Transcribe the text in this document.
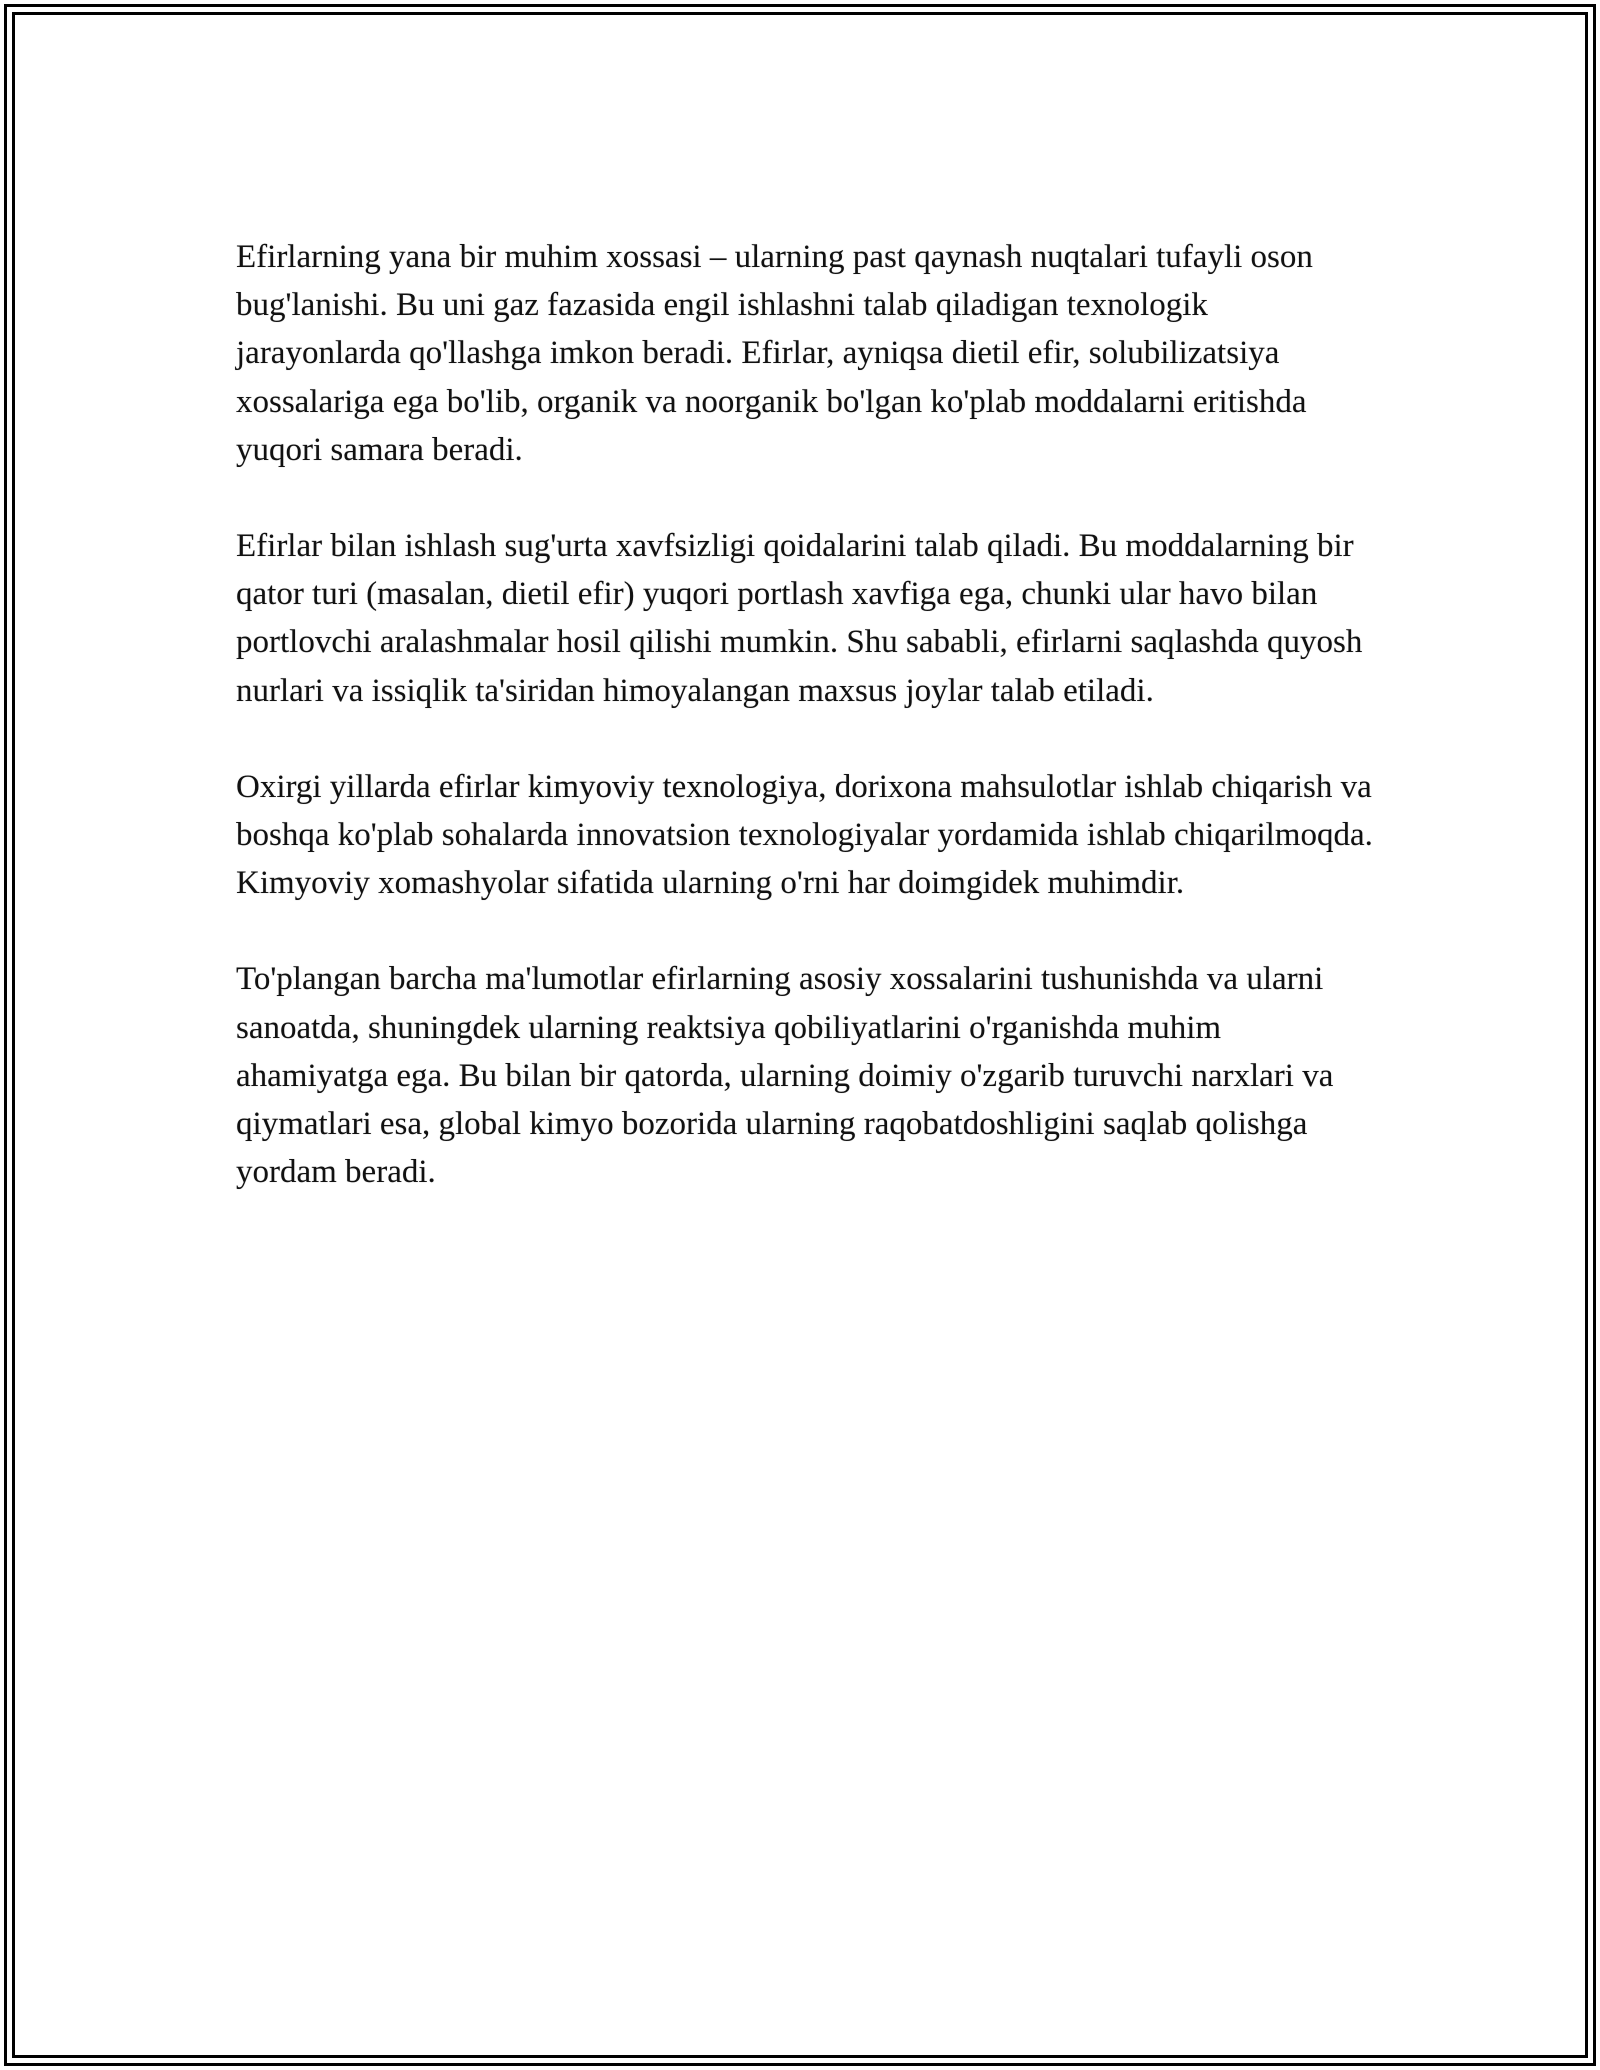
Efirlarning yana bir muhim xossasi – ularning past qaynash nuqtalari tufayli oson bug'lanishi. Bu uni gaz fazasida engil ishlashni talab qiladigan texnologik jarayonlarda qo'llashga imkon beradi. Efirlar, ayniqsa dietil efir, solubilizatsiya xossalariga ega bo'lib, organik va noorganik bo'lgan ko'plab moddalarni eritishda yuqori samara beradi.

Efirlar bilan ishlash sug'urta xavfsizligi qoidalarini talab qiladi. Bu moddalarning bir qator turi (masalan, dietil efir) yuqori portlash xavfiga ega, chunki ular havo bilan portlovchi aralashmalar hosil qilishi mumkin. Shu sababli, efirlarni saqlashda quyosh nurlari va issiqlik ta'siridan himoyalangan maxsus joylar talab etiladi.

Oxirgi yillarda efirlar kimyoviy texnologiya, dorixona mahsulotlar ishlab chiqarish va boshqa ko'plab sohalarda innovatsion texnologiyalar yordamida ishlab chiqarilmoqda. Kimyoviy xomashyolar sifatida ularning o'rni har doimgidek muhimdir.

To'plangan barcha ma'lumotlar efirlarning asosiy xossalarini tushunishda va ularni sanoatda, shuningdek ularning reaktsiya qobiliyatlarini o'rganishda muhim ahamiyatga ega. Bu bilan bir qatorda, ularning doimiy o'zgarib turuvchi narxlari va qiymatlari esa, global kimyo bozorida ularning raqobatdoshligini saqlab qolishga yordam beradi.
